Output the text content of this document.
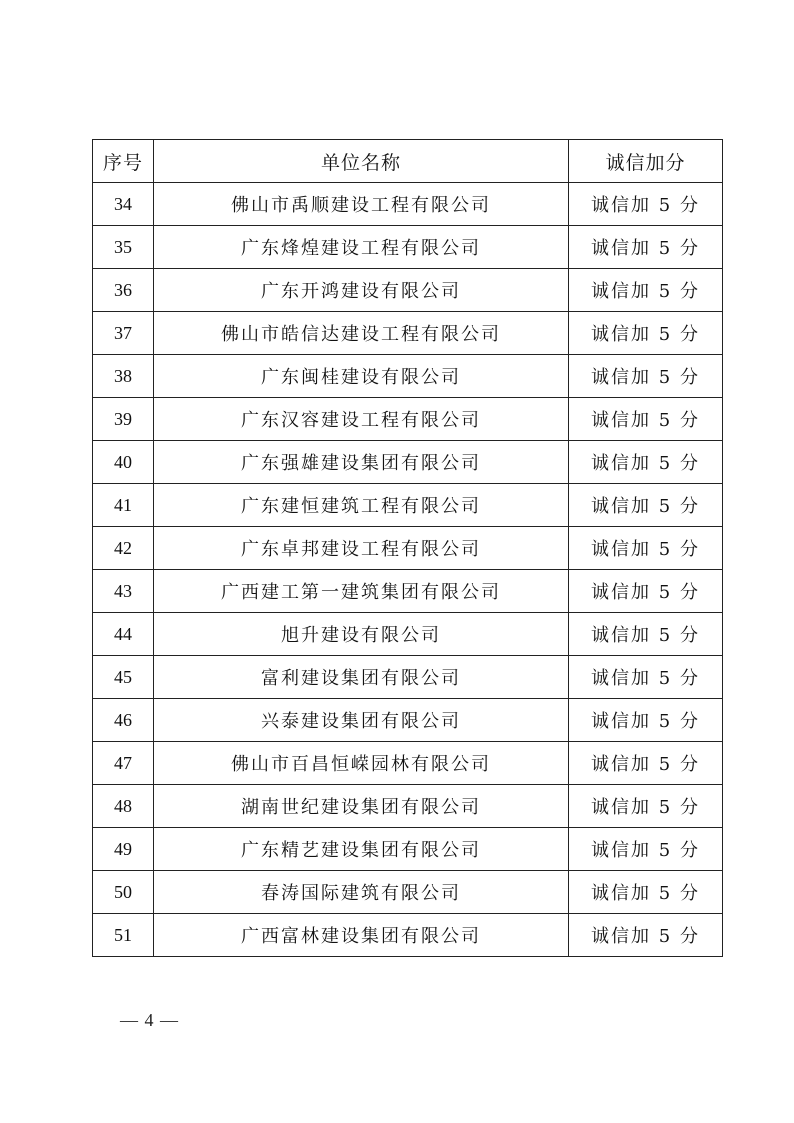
序号	单位名称	诚信加分
34	佛山市禹顺建设工程有限公司	诚信加 5 分
35	广东烽煌建设工程有限公司	诚信加 5 分
36	广东开鸿建设有限公司	诚信加 5 分
37	佛山市皓信达建设工程有限公司	诚信加 5 分
38	广东闽桂建设有限公司	诚信加 5 分
39	广东汉容建设工程有限公司	诚信加 5 分
40	广东强雄建设集团有限公司	诚信加 5 分
41	广东建恒建筑工程有限公司	诚信加 5 分
42	广东卓邦建设工程有限公司	诚信加 5 分
43	广西建工第一建筑集团有限公司	诚信加 5 分
44	旭升建设有限公司	诚信加 5 分
45	富利建设集团有限公司	诚信加 5 分
46	兴泰建设集团有限公司	诚信加 5 分
47	佛山市百昌恒嵘园林有限公司	诚信加 5 分
48	湖南世纪建设集团有限公司	诚信加 5 分
49	广东精艺建设集团有限公司	诚信加 5 分
50	春涛国际建筑有限公司	诚信加 5 分
51	广西富林建设集团有限公司	诚信加 5 分
— 4 —
